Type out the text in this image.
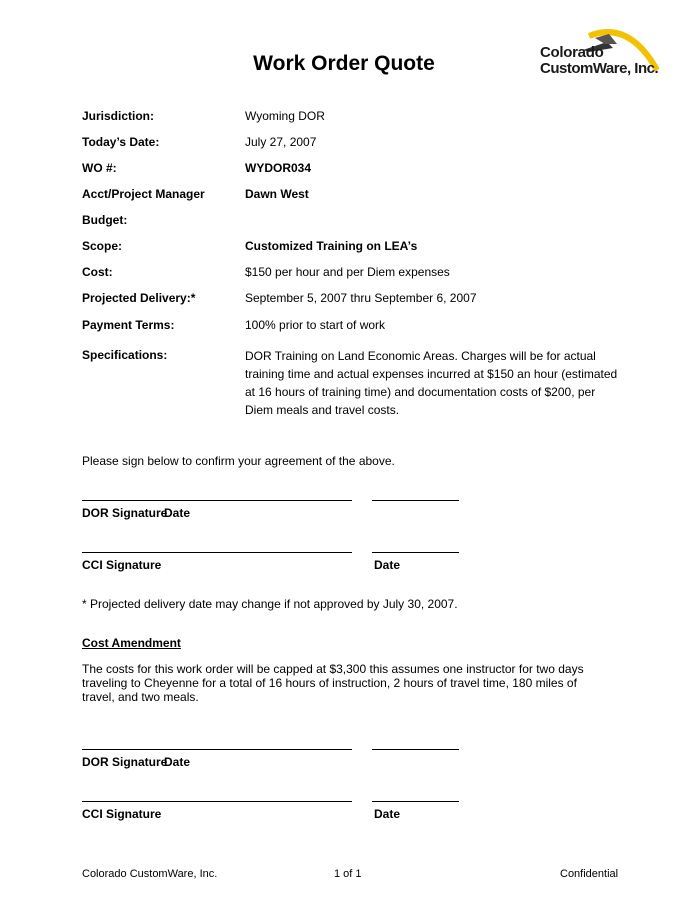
Work Order Quote	Colorado
CustomWare, Inc.
Jurisdiction:	Wyoming DOR
Today’s Date:	July 27, 2007
WO #:	WYDOR034
Acct/Project Manager	Dawn West
Budget:
Scope:	Customized Training on LEA’s
Cost:	$150 per hour and per Diem expenses
Projected Delivery:*	September 5, 2007 thru September 6, 2007
Payment Terms:	100% prior to start of work
Specifications:	DOR Training on Land Economic Areas. Charges will be for actual training time and actual expenses incurred at $150 an hour (estimated at 16 hours of training time) and documentation costs of $200, per Diem meals and travel costs.
Please sign below to confirm your agreement of the above.
DOR Signature
Date
CCI Signature	Date
* Projected delivery date may change if not approved by July 30, 2007.
Cost Amendment
The costs for this work order will be capped at $3,300 this assumes one instructor for two days traveling to Cheyenne for a total of 16 hours of instruction, 2 hours of travel time, 180 miles of travel, and two meals.
DOR Signature
Date
CCI Signature	Date
Colorado CustomWare, Inc.	1 of 1	Confidential
